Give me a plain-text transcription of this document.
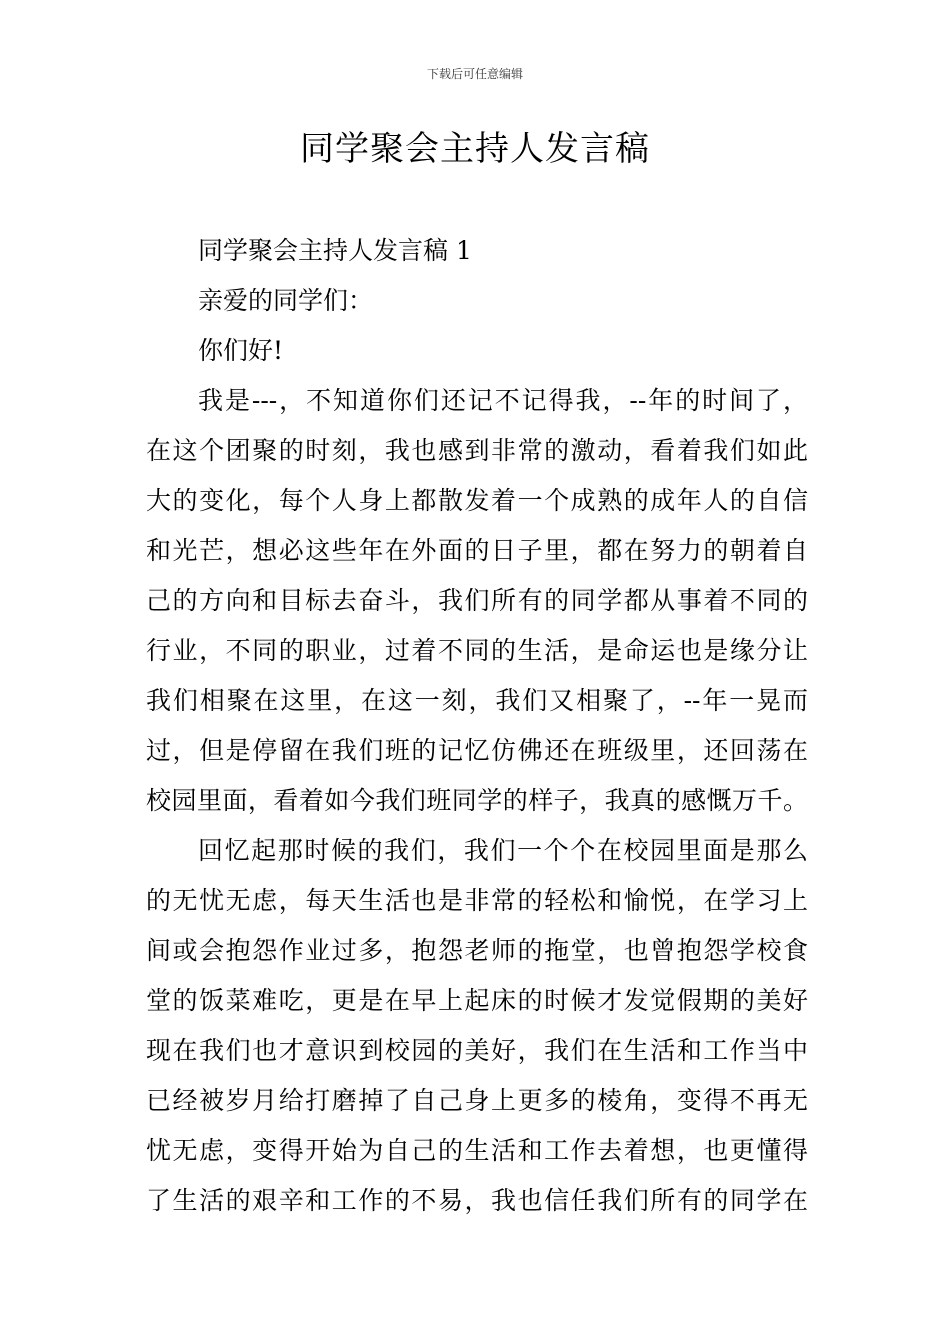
下载后可任意编辑
同学聚会主持人发言稿
同学聚会主持人发言稿 1
亲爱的同学们：
你们好!
我是---，不知道你们还记不记得我，--年的时间了，
在这个团聚的时刻，我也感到非常的激动，看着我们如此
大的变化，每个人身上都散发着一个成熟的成年人的自信
和光芒，想必这些年在外面的日子里，都在努力的朝着自
己的方向和目标去奋斗，我们所有的同学都从事着不同的
行业，不同的职业，过着不同的生活，是命运也是缘分让
我们相聚在这里，在这一刻，我们又相聚了，--年一晃而
过，但是停留在我们班的记忆仿佛还在班级里，还回荡在
校园里面，看着如今我们班同学的样子，我真的感慨万千。
回忆起那时候的我们，我们一个个在校园里面是那么
的无忧无虑，每天生活也是非常的轻松和愉悦，在学习上
间或会抱怨作业过多，抱怨老师的拖堂，也曾抱怨学校食
堂的饭菜难吃，更是在早上起床的时候才发觉假期的美好
现在我们也才意识到校园的美好，我们在生活和工作当中
已经被岁月给打磨掉了自己身上更多的棱角，变得不再无
忧无虑，变得开始为自己的生活和工作去着想，也更懂得
了生活的艰辛和工作的不易，我也信任我们所有的同学在
